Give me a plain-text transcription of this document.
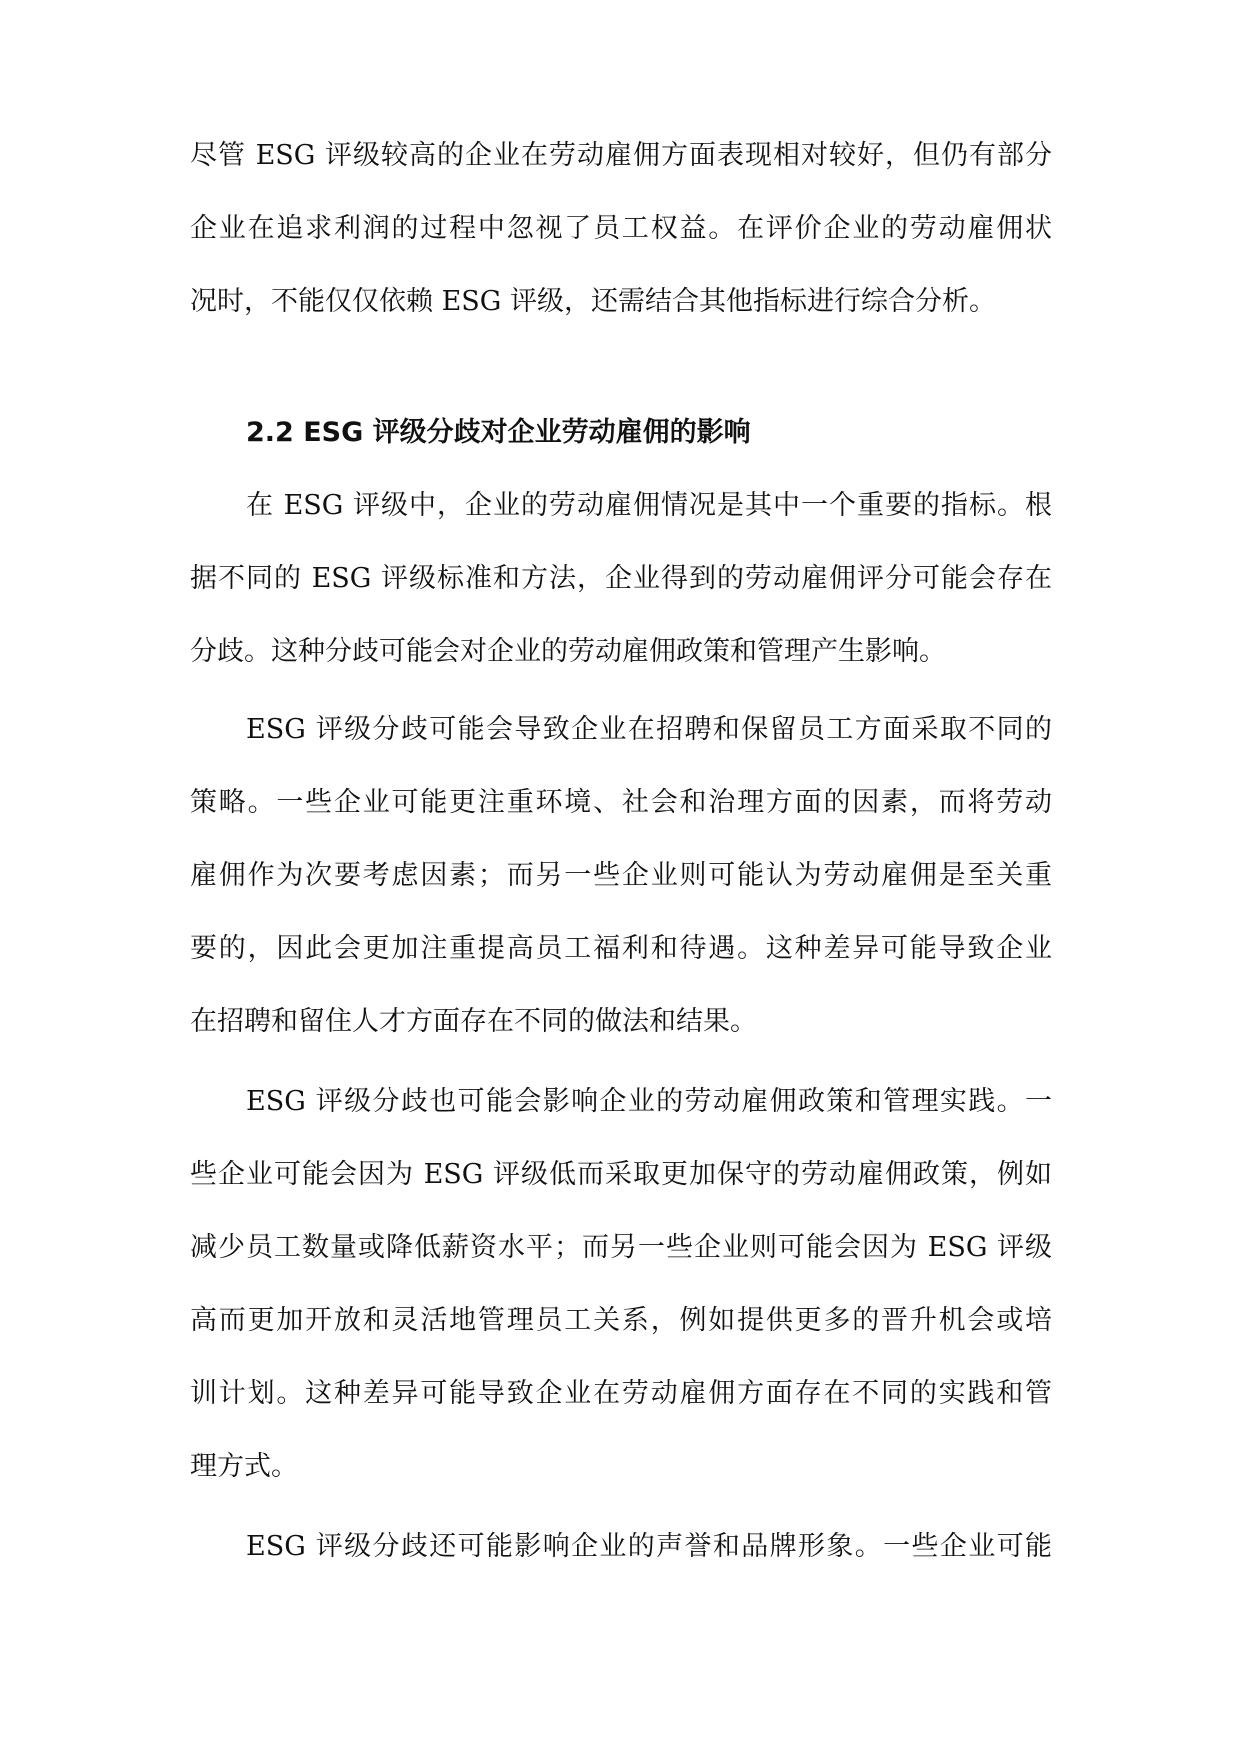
尽管 ESG 评级较高的企业在劳动雇佣方面表现相对较好，但仍有部分
企业在追求利润的过程中忽视了员工权益。在评价企业的劳动雇佣状
况时，不能仅仅依赖 ESG 评级，还需结合其他指标进行综合分析。
2.2 ESG 评级分歧对企业劳动雇佣的影响
在 ESG 评级中，企业的劳动雇佣情况是其中一个重要的指标。根
据不同的 ESG 评级标准和方法，企业得到的劳动雇佣评分可能会存在
分歧。这种分歧可能会对企业的劳动雇佣政策和管理产生影响。
ESG 评级分歧可能会导致企业在招聘和保留员工方面采取不同的
策略。一些企业可能更注重环境、社会和治理方面的因素，而将劳动
雇佣作为次要考虑因素；而另一些企业则可能认为劳动雇佣是至关重
要的，因此会更加注重提高员工福利和待遇。这种差异可能导致企业
在招聘和留住人才方面存在不同的做法和结果。
ESG 评级分歧也可能会影响企业的劳动雇佣政策和管理实践。一
些企业可能会因为 ESG 评级低而采取更加保守的劳动雇佣政策，例如
减少员工数量或降低薪资水平；而另一些企业则可能会因为 ESG 评级
高而更加开放和灵活地管理员工关系，例如提供更多的晋升机会或培
训计划。这种差异可能导致企业在劳动雇佣方面存在不同的实践和管
理方式。
ESG 评级分歧还可能影响企业的声誉和品牌形象。一些企业可能
